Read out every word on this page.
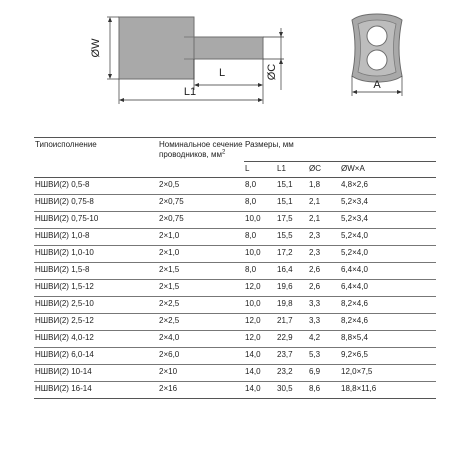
ØW
L
L1
ØC
A
Типоисполнение	Номинальное сечение проводников, $мм^2$	Размеры, мм			
		L	L1	ØC	ØW×A
НШВИ(2) 0,5-8	2×0,5	8,0	15,1	1,8	4,8×2,6
НШВИ(2) 0,75-8	2×0,75	8,0	15,1	2,1	5,2×3,4
НШВИ(2) 0,75-10	2×0,75	10,0	17,5	2,1	5,2×3,4
НШВИ(2) 1,0-8	2×1,0	8,0	15,5	2,3	5,2×4,0
НШВИ(2) 1,0-10	2×1,0	10,0	17,2	2,3	5,2×4,0
НШВИ(2) 1,5-8	2×1,5	8,0	16,4	2,6	6,4×4,0
НШВИ(2) 1,5-12	2×1,5	12,0	19,6	2,6	6,4×4,0
НШВИ(2) 2,5-10	2×2,5	10,0	19,8	3,3	8,2×4,6
НШВИ(2) 2,5-12	2×2,5	12,0	21,7	3,3	8,2×4,6
НШВИ(2) 4,0-12	2×4,0	12,0	22,9	4,2	8,8×5,4
НШВИ(2) 6,0-14	2×6,0	14,0	23,7	5,3	9,2×6,5
НШВИ(2) 10-14	2×10	14,0	23,2	6,9	12,0×7,5
НШВИ(2) 16-14	2×16	14,0	30,5	8,6	18,8×11,6
